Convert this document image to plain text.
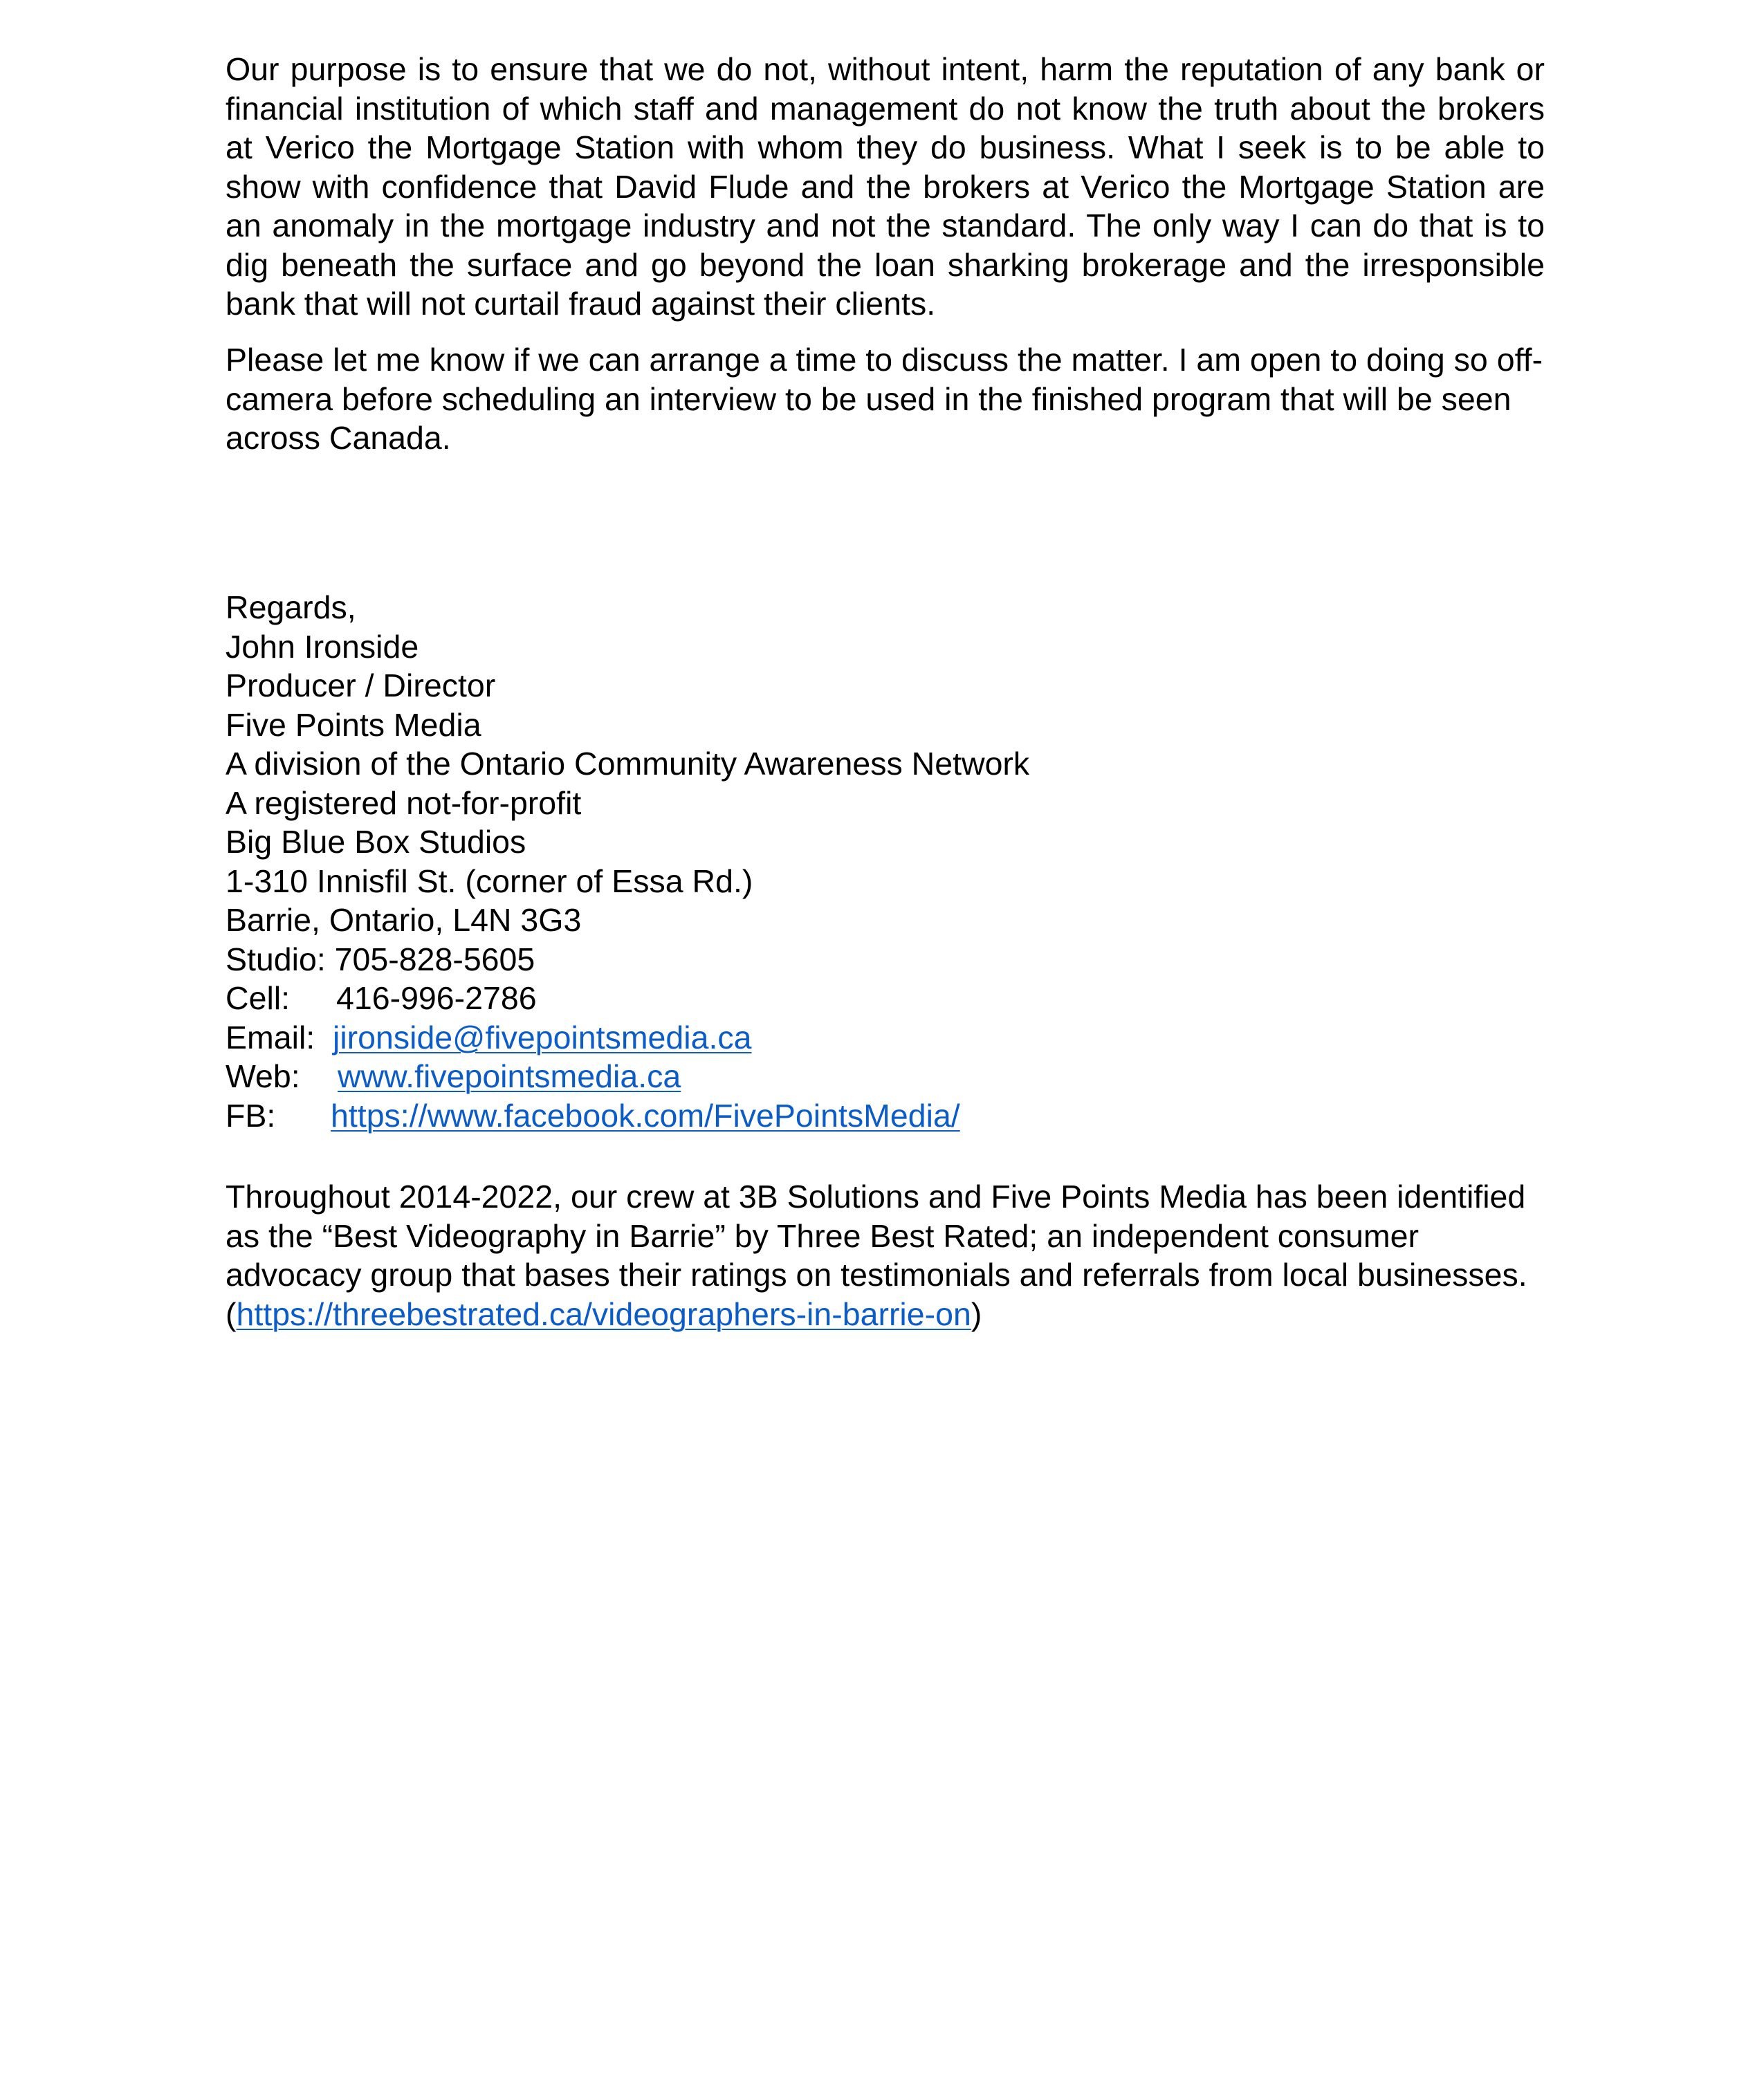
Our purpose is to ensure that we do not, without intent, harm the reputation of any bank or financial institution of which staff and management do not know the truth about the brokers at Verico the Mortgage Station with whom they do business. What I seek is to be able to show with confidence that David Flude and the brokers at Verico the Mortgage Station are an anomaly in the mortgage industry and not the standard. The only way I can do that is to dig beneath the surface and go beyond the loan sharking brokerage and the irresponsible bank that will not curtail fraud against their clients.

Please let me know if we can arrange a time to discuss the matter. I am open to doing so off-camera before scheduling an interview to be used in the finished program that will be seen across Canada.

Regards,
John Ironside
Producer / Director
Five Points Media
A division of the Ontario Community Awareness Network
A registered not-for-profit
Big Blue Box Studios
1-310 Innisfil St. (corner of Essa Rd.)
Barrie, Ontario, L4N 3G3
Studio: 705-828-5605
Cell: 416-996-2786
Email: jironside@fivepointsmedia.ca
Web: www.fivepointsmedia.ca
FB: https://www.facebook.com/FivePointsMedia/

Throughout 2014-2022, our crew at 3B Solutions and Five Points Media has been identified as the “Best Videography in Barrie” by Three Best Rated; an independent consumer advocacy group that bases their ratings on testimonials and referrals from local businesses. (https://threebestrated.ca/videographers-in-barrie-on)
